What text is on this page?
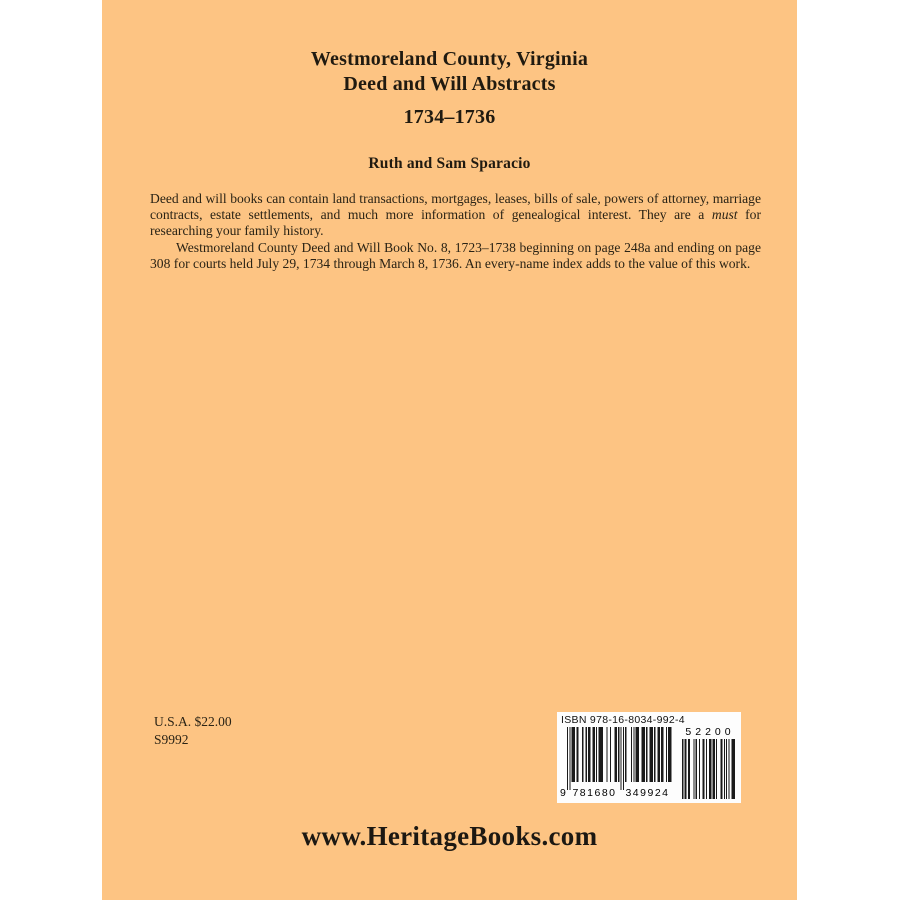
Westmoreland County, Virginia
Deed and Will Abstracts
1734–1736
Ruth and Sam Sparacio

Deed and will books can contain land transactions, mortgages, leases, bills of sale, powers of attorney, marriage contracts, estate settlements, and much more information of genealogical interest. They are a must for researching your family history.

Westmoreland County Deed and Will Book No. 8, 1723–1738 beginning on page 248a and ending on page 308 for courts held July 29, 1734 through March 8, 1736. An every-name index adds to the value of this work.

U.S.A. $22.00
S9992
ISBN 978-16-8034-992-4
9 781680 349924
52200
www.HeritageBooks.com
